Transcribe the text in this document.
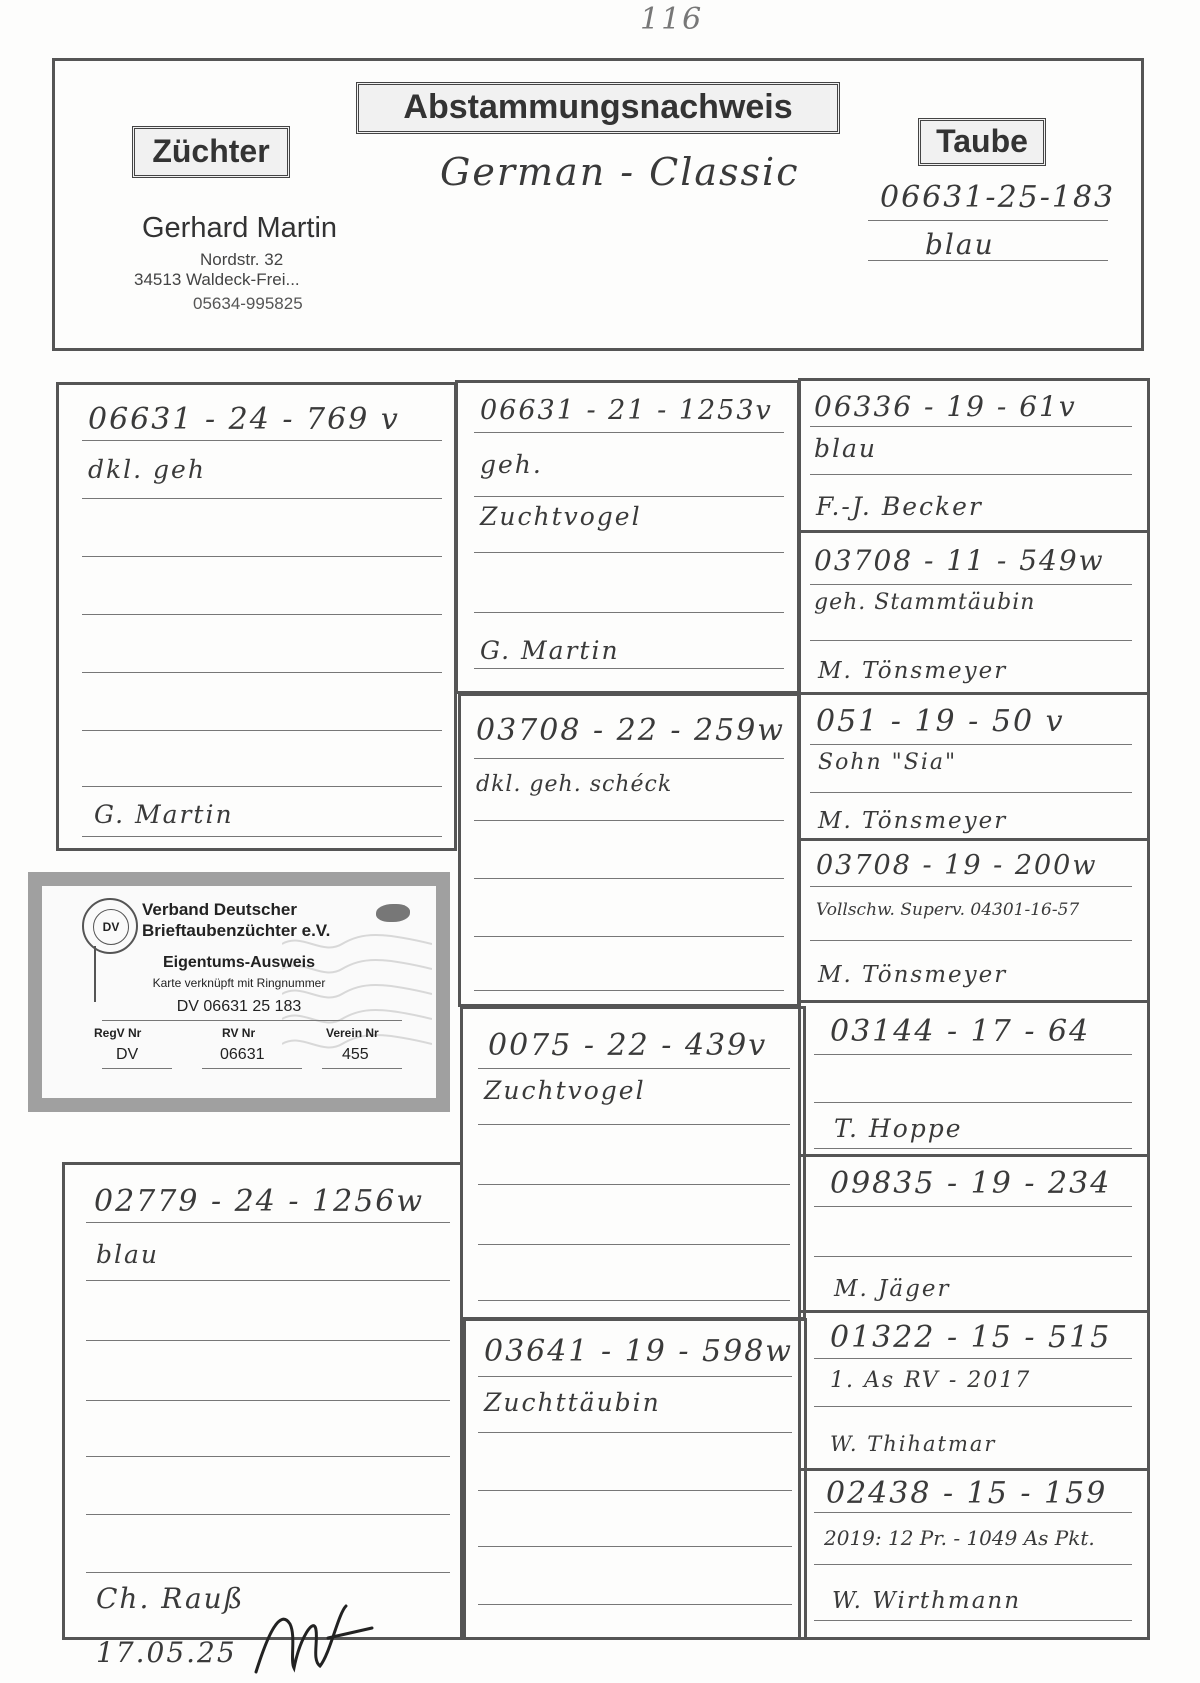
116
Abstammungsnachweis
Züchter	Taube
German - Classic
Gerhard Martin
Nordstr. 32
34513 Waldeck-Frei...
05634-995825
06631-25-183
blau
06631 - 24 - 769 v
dkl. geh
G. Martin
DV
Verband Deutscher
Brieftaubenzüchter e.V.
Eigentums-Ausweis
Karte verknüpft mit Ringnummer
DV 06631 25 183
RegV Nr	RV Nr	Verein Nr
DV	06631	455
02779 - 24 - 1256w
blau
Ch. Rauß
06631 - 21 - 1253v
geh.
Zuchtvogel
G. Martin
03708 - 22 - 259w
dkl. geh. schéck
0075 - 22 - 439v
Zuchtvogel
03641 - 19 - 598w
Zuchttäubin
06336 - 19 - 61v
blau
F.-J. Becker
03708 - 11 - 549w
geh. Stammtäubin
M. Tönsmeyer
051 - 19 - 50 v
Sohn "Sia"
M. Tönsmeyer
03708 - 19 - 200w
Vollschw. Superv. 04301-16-57
M. Tönsmeyer
03144 - 17 - 64
T. Hoppe
09835 - 19 - 234
M. Jäger
01322 - 15 - 515
1. As RV - 2017
W. Thihatmar
02438 - 15 - 159
2019: 12 Pr. - 1049 As Pkt.
W. Wirthmann
17.05.25
